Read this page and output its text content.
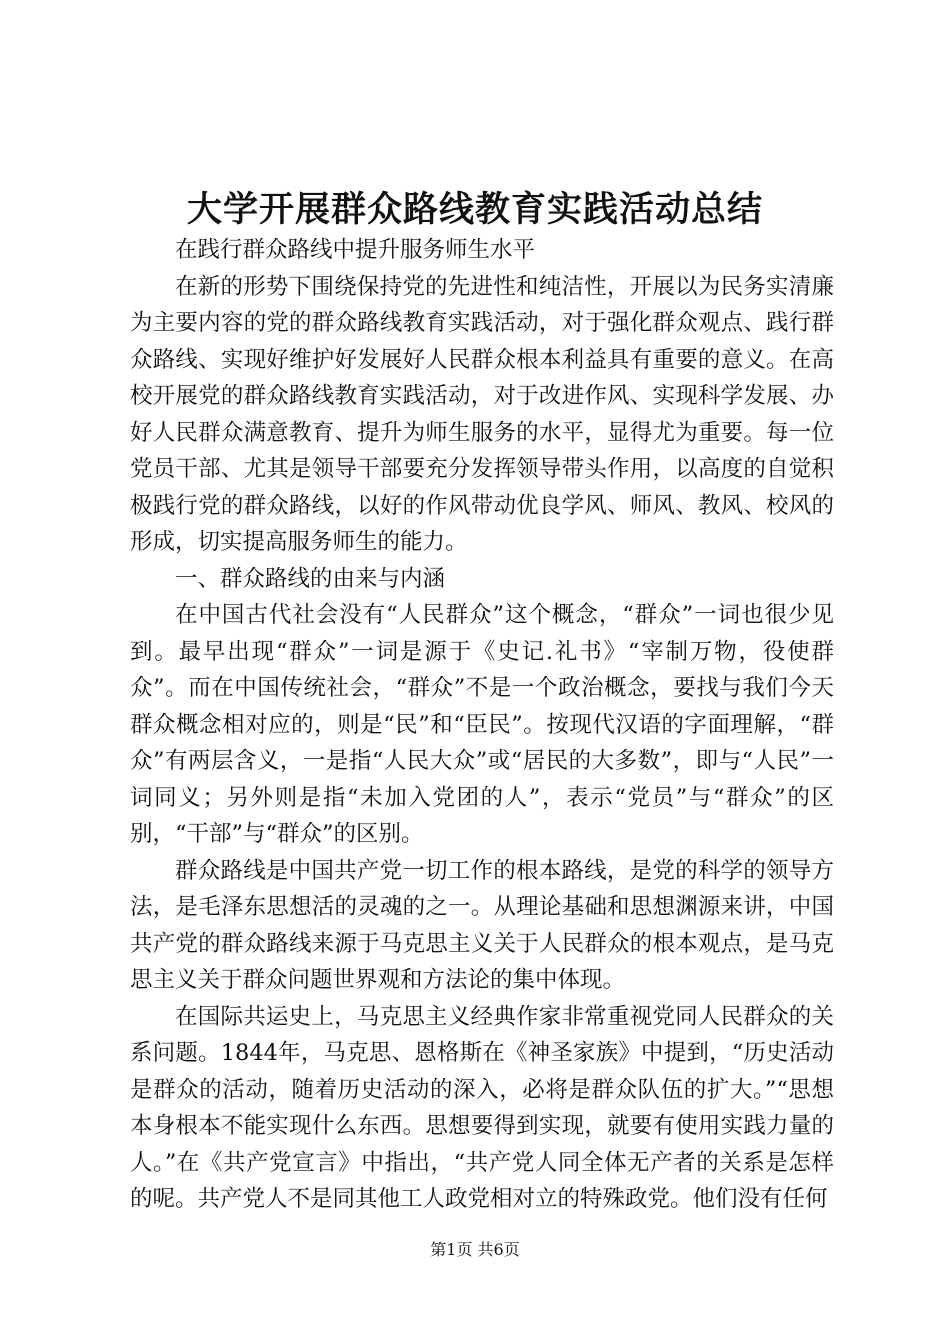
大学开展群众路线教育实践活动总结

在践行群众路线中提升服务师生水平

在新的形势下围绕保持党的先进性和纯洁性，开展以为民务实清廉为主要内容的党的群众路线教育实践活动，对于强化群众观点、践行群众路线、实现好维护好发展好人民群众根本利益具有重要的意义。在高校开展党的群众路线教育实践活动，对于改进作风、实现科学发展、办好人民群众满意教育、提升为师生服务的水平，显得尤为重要。每一位党员干部、尤其是领导干部要充分发挥领导带头作用，以高度的自觉积极践行党的群众路线，以好的作风带动优良学风、师风、教风、校风的形成，切实提高服务师生的能力。

一、群众路线的由来与内涵

在中国古代社会没有“人民群众”这个概念，“群众”一词也很少见到。最早出现“群众”一词是源于《史记.礼书》“宰制万物，役使群众”。而在中国传统社会，“群众”不是一个政治概念，要找与我们今天群众概念相对应的，则是“民”和“臣民”。按现代汉语的字面理解，“群众”有两层含义，一是指“人民大众”或“居民的大多数”，即与“人民”一词同义；另外则是指“未加入党团的人”，表示“党员”与“群众”的区别，“干部”与“群众”的区别。

群众路线是中国共产党一切工作的根本路线，是党的科学的领导方法，是毛泽东思想活的灵魂的之一。从理论基础和思想渊源来讲，中国共产党的群众路线来源于马克思主义关于人民群众的根本观点，是马克思主义关于群众问题世界观和方法论的集中体现。

在国际共运史上，马克思主义经典作家非常重视党同人民群众的关系问题。1844年，马克思、恩格斯在《神圣家族》中提到，“历史活动是群众的活动，随着历史活动的深入，必将是群众队伍的扩大。”“思想本身根本不能实现什么东西。思想要得到实现，就要有使用实践力量的人。”在《共产党宣言》中指出，“共产党人同全体无产者的关系是怎样的呢。共产党人不是同其他工人政党相对立的特殊政党。他们没有任何

第1页 共6页
